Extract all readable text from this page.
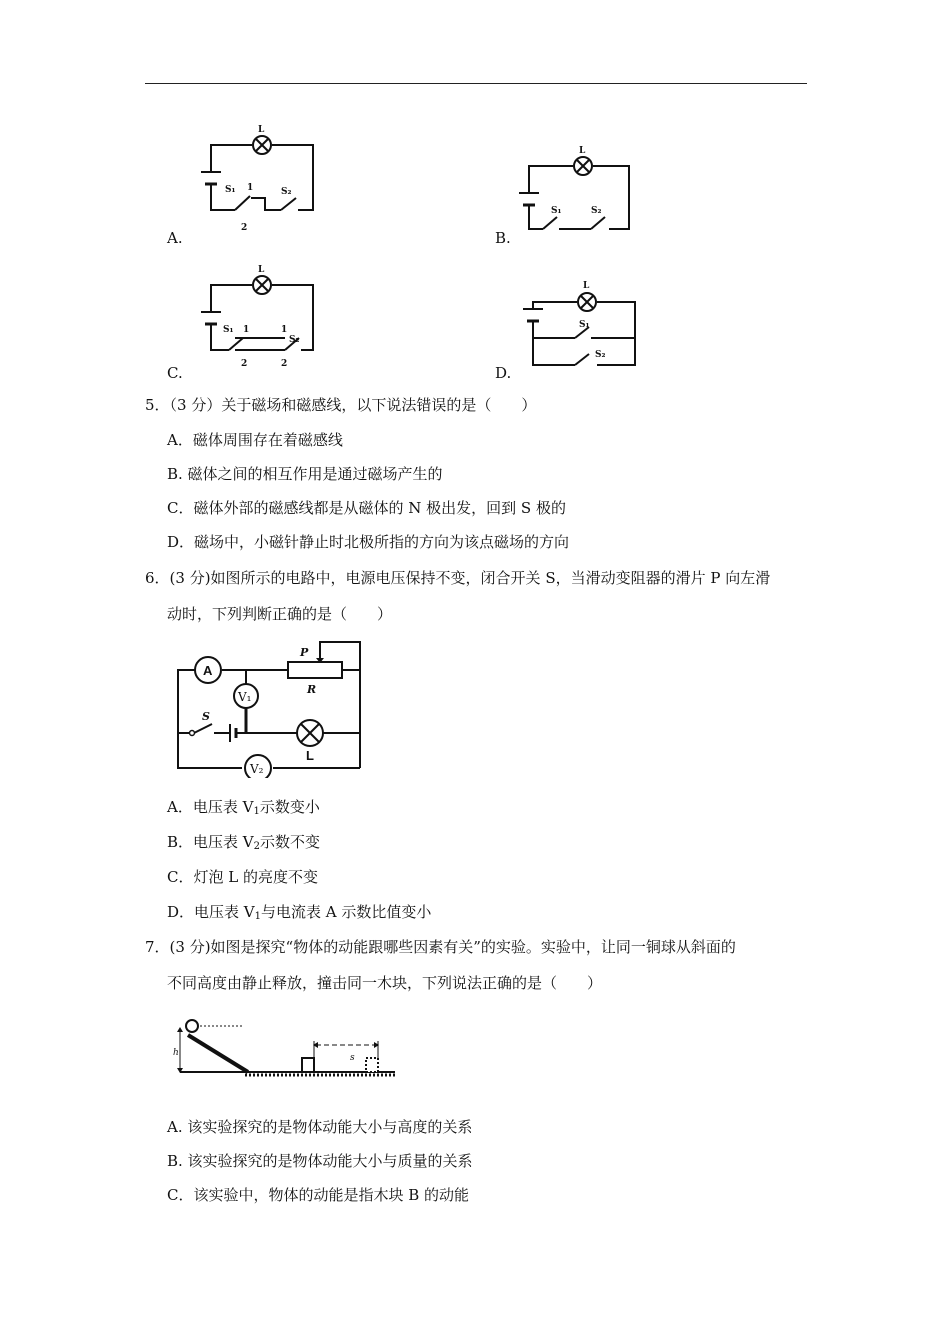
L
S₁	S₂
1
2
A.
L
S₁	S₂
B.
L
S₁
S₂
1	1
2	2
C.
L
S₁
S₂
D.
5．（3 分）关于磁场和磁感线，以下说法错误的是（　　）
A．磁体周围存在着磁感线
B. 磁体之间的相互作用是通过磁场产生的
C．磁体外部的磁感线都是从磁体的 N 极出发，回到 S 极的
D．磁场中，小磁针静止时北极所指的方向为该点磁场的方向
6．(3 分)如图所示的电路中，电源电压保持不变，闭合开关 S，当滑动变阻器的滑片 P 向左滑
动时，下列判断正确的是（　　）
A
V₁
V₂
P
R
S
L
A．电压表 $V_1$示数变小
B．电压表 $V_2$示数不变
C．灯泡 L 的亮度不变
D．电压表 $V_1$与电流表 A 示数比值变小
7．(3 分)如图是探究“物体的动能跟哪些因素有关”的实验。实验中，让同一铜球从斜面的
不同高度由静止释放，撞击同一木块，下列说法正确的是（　　）
h	s
A. 该实验探究的是物体动能大小与高度的关系
B. 该实验探究的是物体动能大小与质量的关系
C．该实验中，物体的动能是指木块 B 的动能
